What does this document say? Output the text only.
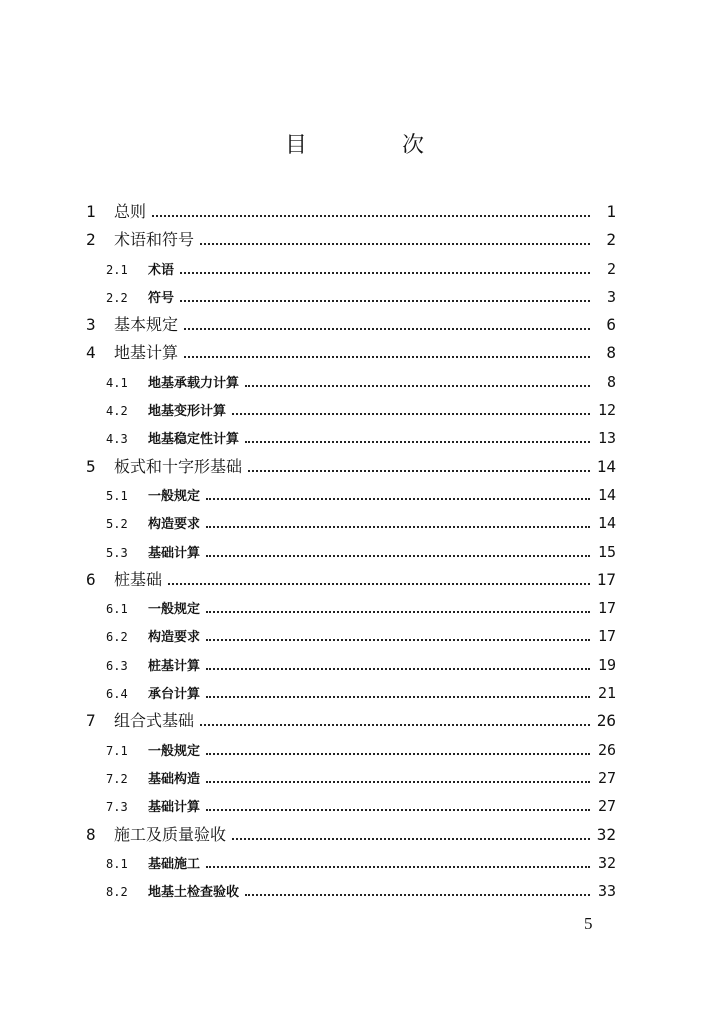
目 次
1	总则	1
2	术语和符号	2
2.1	术语	2
2.2	符号	3
3	基本规定	6
4	地基计算	8
4.1	地基承载力计算	8
4.2	地基变形计算	12
4.3	地基稳定性计算	13
5	板式和十字形基础	14
5.1	一般规定	14
5.2	构造要求	14
5.3	基础计算	15
6	桩基础	17
6.1	一般规定	17
6.2	构造要求	17
6.3	桩基计算	19
6.4	承台计算	21
7	组合式基础	26
7.1	一般规定	26
7.2	基础构造	27
7.3	基础计算	27
8	施工及质量验收	32
8.1	基础施工	32
8.2	地基土检查验收	33
5
